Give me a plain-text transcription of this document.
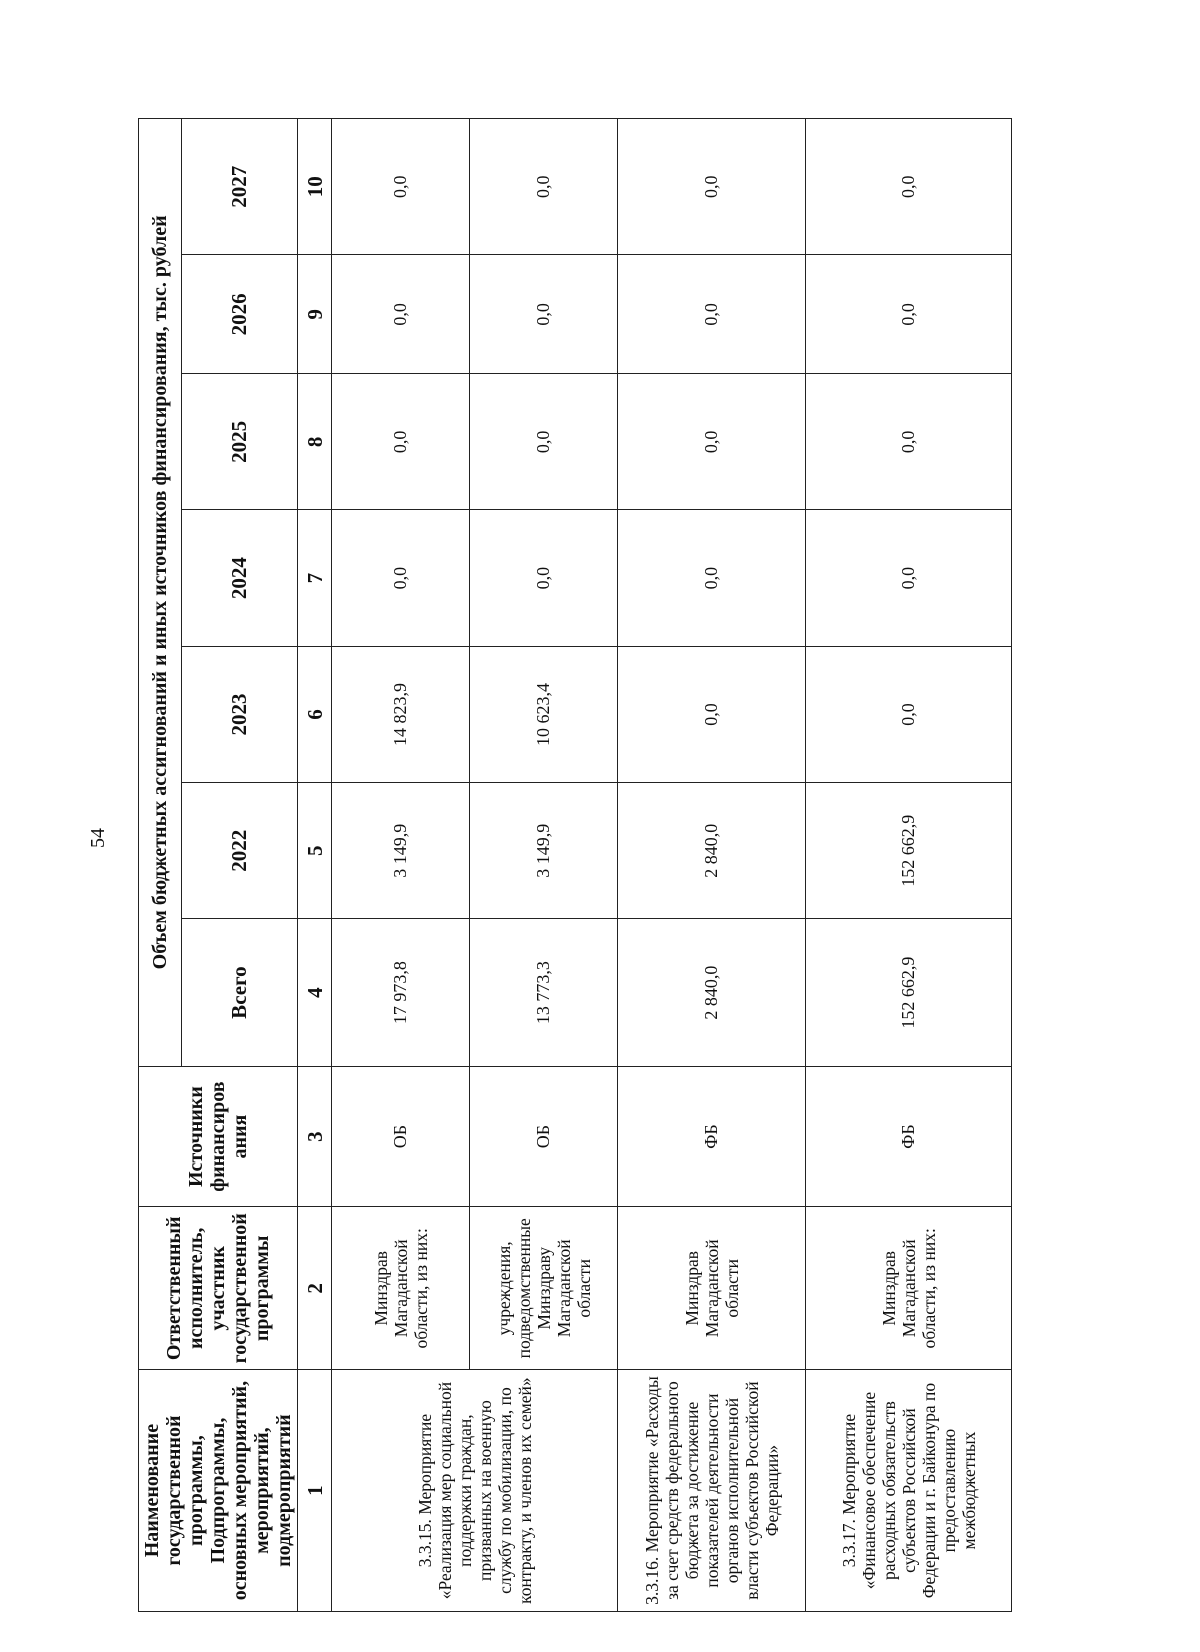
54
Наименование государственной программы, Подпрограммы, основных мероприятий, мероприятий, подмероприятий	Ответственный исполнитель, участник государственной программы	Источники финансиров ания	Объем бюджетных ассигнований и иных источников финансирования, тыс. рублей						
			Всего	2022	2023	2024	2025	2026	2027
1	2	3	4	5	6	7	8	9	10
3.3.15. Мероприятие «Реализация мер социальной поддержки граждан, призванных на военную службу по мобилизации, по контракту, и членов их семей»	Минздрав Магаданской области, из них:	ОБ	17 973,8	3 149,9	14 823,9	0,0	0,0	0,0	0,0
	учреждения, подведомственные Минздраву Магаданской области	ОБ	13 773,3	3 149,9	10 623,4	0,0	0,0	0,0	0,0
3.3.16. Мероприятие «Расходы за счет средств федерального бюджета за достижение показателей деятельности органов исполнительной власти субъектов Российской Федерации»	Минздрав Магаданской области	ФБ	2 840,0	2 840,0	0,0	0,0	0,0	0,0	0,0
3.3.17. Мероприятие «Финансовое обеспечение расходных обязательств субъектов Российской Федерации и г. Байконура по предоставлению межбюджетных	Минздрав Магаданской области, из них:	ФБ	152 662,9	152 662,9	0,0	0,0	0,0	0,0	0,0
